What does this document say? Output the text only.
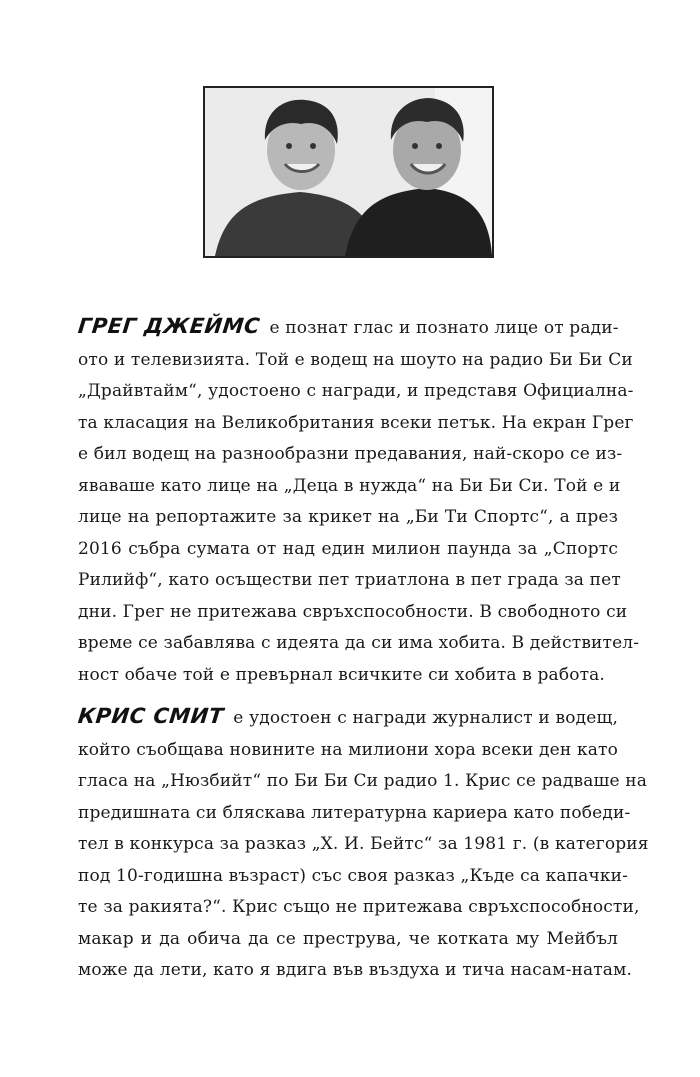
ГРЕГ ДЖЕЙМС е познат глас и познато лице от ради-
ото и телевизията. Той е водещ на шоуто на радио Би Би Си
„Драйвтайм“, удостоено с награди, и представя Официална-
та класация на Великобритания всеки петък. На екран Грег
е бил водещ на разнообразни предавания, най-скоро се из-
яваваше като лице на „Деца в нужда“ на Би Би Си. Той е и
лице на репортажите за крикет на „Би Ти Спортс“, а през
2016 събра сумата от над един милион паунда за „Спортс
Рилийф“, като осъществи пет триатлона в пет града за пет
дни. Грег не притежава свръхспособности. В свободното си
време се забавлява с идеята да си има хобита. В действител-
ност обаче той е превърнал всичките си хобита в работа.

КРИС СМИТ е удостоен с награди журналист и водещ,
който съобщава новините на милиони хора всеки ден като
гласа на „Нюзбийт“ по Би Би Си радио 1. Крис се радваше на
предишната си бляскава литературна кариера като победи-
тел в конкурса за разказ „Х. И. Бейтс“ за 1981 г. (в категория
под 10-годишна възраст) със своя разказ „Къде са капачки-
те за ракията?“. Крис също не притежава свръхспособности,
макар и да обича да се преструва, че котката му Мейбъл
може да лети, като я вдига във въздуха и тича насам-натам.
